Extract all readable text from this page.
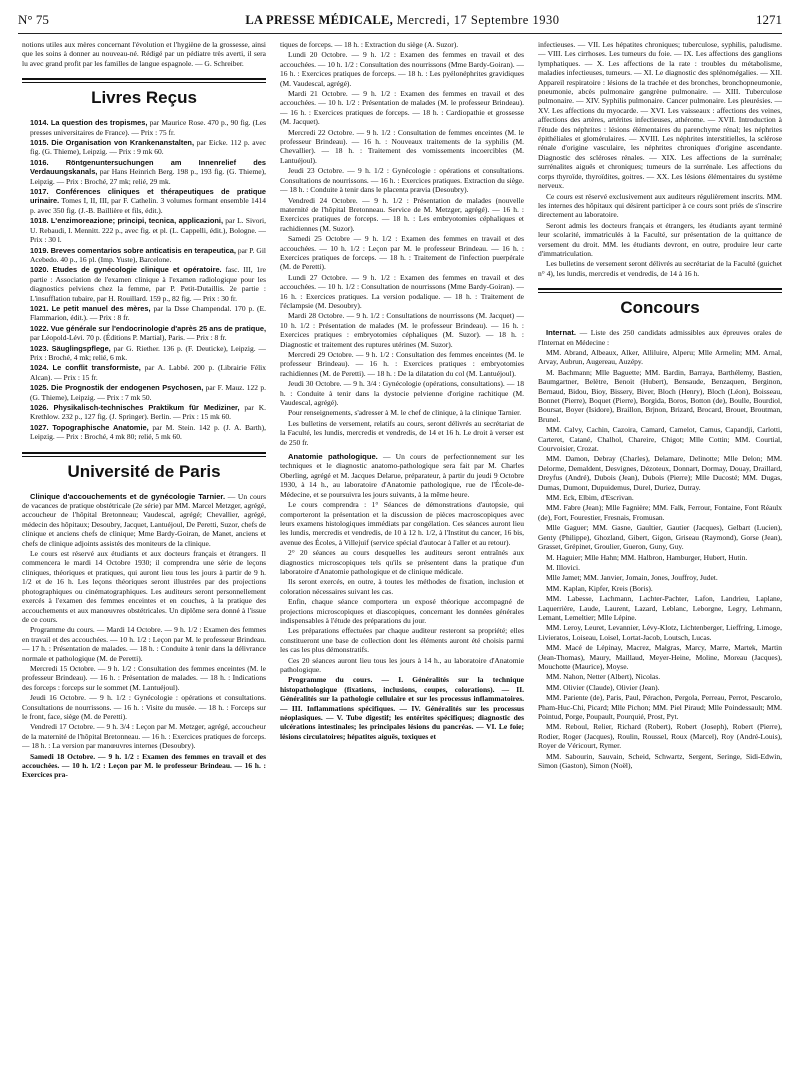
N° 75	LA PRESSE MÉDICALE, Mercredi, 17 Septembre 1930	1271

notions utiles aux mères concernant l'évolution et l'hygiène de la grossesse, ainsi que les soins à donner au nouveau-né. Rédigé par un pédiatre très averti, il sera lu avec grand profit par les familles de langue espagnole. — G. Schreiber.

Livres Reçus

1014. La question des tropismes, par Maurice Rose. 470 p., 90 fig. (Les presses universitaires de France). — Prix : 75 fr.

1015. Die Organisation von Krankenanstalten, par Eicke. 112 p. avec fig. (G. Thieme), Leipzig. — Prix : 9 mk 60.

1016. Röntgenuntersuchungen am Innenrelief des Verdauungskanals, par Hans Heinrich Berg. 198 p., 193 fig. (G. Thieme), Leipzig. — Prix : Broché, 27 mk; relié, 29 mk.

1017. Conférences cliniques et thérapeutiques de pratique urinaire. Tomes I, II, III, par F. Cathelin. 3 volumes formant ensemble 1414 p. avec 350 fig. (J.-B. Baillière et fils, édit.).

1018. L'enzimoreazione; principi, tecnica, applicazioni, par L. Sivori, U. Rebaudi, I. Mennitt. 222 p., avec fig. et pl. (L. Cappelli, édit.), Bologne. — Prix : 30 l.

1019. Breves comentarios sobre anticatisis en terapeutica, par P. Gil Acebedo. 40 p., 16 pl. (Imp. Yuste), Barcelone.

1020. Etudes de gynécologie clinique et opératoire. fasc. III, 1re partie : Association de l'examen clinique à l'examen radiologique pour les diagnostics pelviens chez la femme, par P. Petit-Dutaillis. 2e partie : L'insufflation tubaire, par H. Rouillard. 159 p., 82 fig. — Prix : 30 fr.

1021. Le petit manuel des mères, par la Dsse Champendal. 170 p. (E. Flammarion, édit.). — Prix : 8 fr.

1022. Vue générale sur l'endocrinologie d'après 25 ans de pratique, par Léopold-Lévi. 70 p. (Éditions P. Martial), Paris. — Prix : 8 fr.

1023. Säuglingspflege, par G. Riether. 136 p. (F. Deuticke), Leipzig. — Prix : Broché, 4 mk; relié, 6 mk.

1024. Le conflit transformiste, par A. Labbé. 200 p. (Librairie Félix Alcan). — Prix : 15 fr.

1025. Die Prognostik der endogenen Psychosen, par F. Mauz. 122 p. (G. Thieme), Leipzig. — Prix : 7 mk 50.

1026. Physikalisch-technisches Praktikum für Mediziner, par K. Krethlow. 232 p., 127 fig. (J. Springer). Berlin. — Prix : 15 mk 60.

1027. Topographische Anatomie, par M. Stein. 142 p. (J. A. Barth), Leipzig. — Prix : Broché, 4 mk 80; relié, 5 mk 60.

Université de Paris

Clinique d'accouchements et de gynécologie Tarnier. — Un cours de vacances de pratique obstétricale (2e série) par MM. Marcel Metzger, agrégé, accoucheur de l'hôpital Bretonneau; Vaudescal, agrégé; Chevallier, agrégé, médecin des hôpitaux; Desoubry, Jacquet, Lantuéjoul, De Peretti, Suzor, chefs de clinique et anciens chefs de clinique; Mme Bardy-Goiran, de Manet, anciens et chefs de clinique adjoints assistés des moniteurs de la clinique.

Le cours est réservé aux étudiants et aux docteurs français et étrangers. Il commencera le mardi 14 Octobre 1930; il comprendra une série de leçons cliniques, théoriques et pratiques, qui auront lieu tous les jours à partir de 9 h. 1/2 et de 16 h. Les leçons théoriques seront illustrées par des projections photographiques ou cinématographiques. Les auditeurs seront personnellement exercés à l'examen des femmes enceintes et en couches, à la pratique des accouchements et aux manœuvres obstétricales. Un diplôme sera donné à l'issue de ce cours.

Programme du cours. — Mardi 14 Octobre. — 9 h. 1/2 : Examen des femmes en travail et des accouchées. — 10 h. 1/2 : Leçon par M. le professeur Brindeau. — 17 h. : Présentation de malades. — 18 h. : Conduite à tenir dans la délivrance normale et pathologique (M. de Peretti).

Mercredi 15 Octobre. — 9 h. 1/2 : Consultation des femmes enceintes (M. le professeur Brindeau). — 16 h. : Présentation de malades. — 18 h. : Indications des forceps : forceps sur le sommet (M. Lantuéjoul).

Jeudi 16 Octobre. — 9 h. 1/2 : Gynécologie : opérations et consultations. Consultations de nourrissons. — 16 h. : Visite du musée. — 18 h. : Forceps sur le front, face, siège (M. de Peretti).

Vendredi 17 Octobre. — 9 h. 3/4 : Leçon par M. Metzger, agrégé, accoucheur de la maternité de l'hôpital Bretonneau. — 16 h. : Exercices pratiques de forceps. — 18 h. : La version par manœuvres internes (Desoubry).

Samedi 18 Octobre. — 9 h. 1/2 : Examen des femmes en travail et des accouchées. — 10 h. 1/2 : Leçon par M. le professeur Brindeau. — 16 h. : Exercices pra-

tiques de forceps. — 18 h. : Extraction du siège (A. Suzor).

Lundi 20 Octobre. — 9 h. 1/2 : Examen des femmes en travail et des accouchées. — 10 h. 1/2 : Consultation des nourrissons (Mme Bardy-Goiran). — 16 h. : Exercices pratiques de forceps. — 18 h. : Les pyélonéphrites gravidiques (M. Vaudescal, agrégé).

Mardi 21 Octobre. — 9 h. 1/2 : Examen des femmes en travail et des accouchées. — 10 h. 1/2 : Présentation de malades (M. le professeur Brindeau). — 16 h. : Exercices pratiques de forceps. — 18 h. : Cardiopathie et grossesse (M. Jacquet).

Mercredi 22 Octobre. — 9 h. 1/2 : Consultation de femmes enceintes (M. le professeur Brindeau). — 16 h. : Nouveaux traitements de la syphilis (M. Chevallier). — 18 h. : Traitement des vomissements incoercibles (M. Lantuéjoul).

Jeudi 23 Octobre. — 9 h. 1/2 : Gynécologie : opérations et consultations. Consultations de nourrissons. — 16 h. : Exercices pratiques. Extraction du siège. — 18 h. : Conduite à tenir dans le placenta prævia (Desoubry).

Vendredi 24 Octobre. — 9 h. 1/2 : Présentation de malades (nouvelle maternité de l'hôpital Bretonneau. Service de M. Metzger, agrégé). — 16 h. : Exercices pratiques de forceps. — 18 h. : Les embryotomies céphaliques et rachidiennes (M. Suzor).

Samedi 25 Octobre — 9 h. 1/2 : Examen des femmes en travail et des accouchées. — 10 h. 1/2 : Leçon par M. le professeur Brindeau. — 16 h. : Exercices pratiques de forceps. — 18 h. : Traitement de l'infection puerpérale (M. de Peretti).

Lundi 27 Octobre. — 9 h. 1/2 : Examen des femmes en travail et des accouchées. — 10 h. 1/2 : Consultation de nourrissons (Mme Bardy-Goiran). — 16 h. : Exercices pratiques. La version podalique. — 18 h. : Traitement de l'éclampsie (M. Desoubry).

Mardi 28 Octobre. — 9 h. 1/2 : Consultations de nourrissons (M. Jacquet) — 10 h. 1/2 : Présentation de malades (M. le professeur Brindeau). — 16 h. : Exercices pratiques : embryotomies céphaliques (M. Suzor). — 18 h. : Diagnostic et traitement des ruptures utérines (M. Suzor).

Mercredi 29 Octobre. — 9 h. 1/2 : Consultation des femmes enceintes (M. le professeur Brindeau). — 16 h. : Exercices pratiques : embryotomies rachidiennes (M. de Peretti). — 18 h. : De la dilatation du col (M. Lantuéjoul).

Jeudi 30 Octobre. — 9 h. 3/4 : Gynécologie (opérations, consultations). — 18 h. : Conduite à tenir dans la dystocie pelvienne d'origine rachitique (M. Vaudescal, agrégé).

Pour renseignements, s'adresser à M. le chef de clinique, à la clinique Tarnier.

Les bulletins de versement, relatifs au cours, seront délivrés au secrétariat de la Faculté, les lundis, mercredis et vendredis, de 14 et 16 h. Le droit à verser est de 250 fr.

Anatomie pathologique. — Un cours de perfectionnement sur les techniques et le diagnostic anatomo-pathologique sera fait par M. Charles Oberling, agrégé et M. Jacques Delarue, préparateur, à partir du jeudi 9 Octobre 1930, à 14 h., au laboratoire d'Anatomie pathologique, rue de l'École-de-Médecine, et se poursuivra les jours suivants, à la même heure.

Le cours comprendra : 1° Séances de démonstrations d'autopsie, qui comporteront la présentation et la discussion de pièces macroscopiques avec leurs examens histologiques immédiats par congélation. Ces séances auront lieu les lundis, mercredis et vendredis, de 10 à 12 h. 1/2, à l'Institut du cancer, 16 bis, avenue des Écoles, à Villejuif (service spécial d'autocar à l'aller et au retour).

2° 20 séances au cours desquelles les auditeurs seront entraînés aux diagnostics microscopiques tels qu'ils se présentent dans la pratique d'un laboratoire d'Anatomie pathologique et de clinique médicale.

Ils seront exercés, en outre, à toutes les méthodes de fixation, inclusion et coloration nécessaires suivant les cas.

Enfin, chaque séance comportera un exposé théorique accompagné de projections microscopiques et diascopiques, concernant les données générales indispensables à l'étude des préparations du jour.

Les préparations effectuées par chaque auditeur resteront sa propriété; elles constitueront une base de collection dont les éléments auront été choisis parmi les cas les plus démonstratifs.

Ces 20 séances auront lieu tous les jours à 14 h., au laboratoire d'Anatomie pathologique.

Programme du cours. — I. Généralités sur la technique histopathologique (fixations, inclusions, coupes, colorations). — II. Généralités sur la pathologie cellulaire et sur les processus inflammatoires. — III. Inflammations spécifiques. — IV. Généralités sur les processus néoplasiques. — V. Tube digestif; les entérites spécifiques; diagnostic des ulcérations intestinales; les principales lésions du pancréas. — VI. Le foie; lésions circulatoires; hépatites aiguës, toxiques et

infectieuses. — VII. Les hépatites chroniques; tuberculose, syphilis, paludisme. — VIII. Les cirrhoses. Les tumeurs du foie. — IX. Les affections des ganglions lymphatiques. — X. Les affections de la rate : troubles du métabolisme, maladies infectieuses, tumeurs. — XI. Le diagnostic des splénomégalies. — XII. Appareil respiratoire : lésions de la trachée et des bronches, bronchopneumonie, pneumonie, abcès pulmonaire gangrène pulmonaire. — XIII. Tuberculose pulmonaire. — XIV. Syphilis pulmonaire. Cancer pulmonaire. Les pleurésies. — XV. Les affections du myocarde. — XVI. Les vaisseaux : affections des veines, affections des artères, artérites infectieuses, athérome. — XVII. Introduction à l'étude des néphrites : lésions élémentaires du parenchyme rénal; les néphrites épithéliales et glomérulaires. — XVIII. Les néphrites interstitielles, la sclérose rénale d'origine vasculaire, les néphrites chroniques d'origine ascendante. Diagnostic des scléroses rénales. — XIX. Les affections de la surrénale; surrénalites aiguës et chroniques; tumeurs de la surrénale. Les affections du corps thyroïde, thyroïdites, goitres. — XX. Les lésions élémentaires du système nerveux.

Ce cours est réservé exclusivement aux auditeurs régulièrement inscrits. MM. les internes des hôpitaux qui désirent participer à ce cours sont priés de s'inscrire directement au laboratoire.

Seront admis les docteurs français et étrangers, les étudiants ayant terminé leur scolarité, immatriculés à la Faculté, sur présentation de la quittance de versement du droit. MM. les étudiants devront, en outre, produire leur carte d'immatriculation.

Les bulletins de versement seront délivrés au secrétariat de la Faculté (guichet n° 4), les lundis, mercredis et vendredis, de 14 à 16 h.

Concours

Internat. — Liste des 250 candidats admissibles aux épreuves orales de l'Internat en Médecine :

MM. Abrand, Albeaux, Alker, Alliluire, Alperu; Mlle Armelin; MM. Arnal, Arvay, Aubrun, Augereau, Auzépy.

M. Bachmann; Mlle Baguette; MM. Bardin, Barraya, Barthélemy, Bastien, Baumgartner, Belètre, Benoit (Hubert), Bensaude, Benzaquen, Berginon, Bernaud, Bidou, Bioy, Bissery, Biver, Bloch (Henry), Bloch (Léon), Boisseau, Bonnet (Pierre), Boquet (Pierre), Borgida, Boros, Botton (de), Boulle, Bourdiol, Boursat, Boyer (Isidore), Braillon, Brjnon, Brizard, Brocard, Brouet, Broutman, Brunel.

MM. Calvy, Cachin, Cazoira, Camard, Camelot, Camus, Capandji, Carlotti, Carteret, Catané, Chalhol, Chareire, Chigot; Mlle Cottin; MM. Courtial, Courvoisier, Crozat.

MM. Damon, Debray (Charles), Delamare, Delinotte; Mlle Delon; MM. Delorme, Demaldent, Desvignes, Dézoteux, Donnart, Dormay, Douay, Draillard, Dreyfus (André), Dubois (Jean), Dubois (Pierre); Mlle Ducosté; MM. Dugas, Dumas, Dumont, Dupuidemus, Durel, Duriez, Dutray.

MM. Eck, Elbim, d'Escrivan.

MM. Fabre (Jean); Mlle Fagnière; MM. Falk, Ferrour, Fontaine, Font Réaulx (de), Fort, Fourestier, Fresnais, Fromusan.

Mlle Gaguer; MM. Gasne, Gaultier, Gautier (Jacques), Gelbart (Lucien), Genty (Philippe), Ghozland, Gibert, Gigon, Griseau (Raymond), Gorse (Jean), Grasset, Grépinet, Groulier, Gueron, Guny, Guy.

M. Haguier; Mlle Hahn; MM. Halbron, Hamburger, Hubert, Hutin.

M. Illovici.

Mlle Jamet; MM. Janvier, Jomain, Jones, Jouffroy, Judet.

MM. Kaplan, Kipfer, Kreis (Boris).

MM. Labesse, Lachmann, Lachter-Pachter, Lafon, Landrieu, Laplane, Laquerrière, Laude, Laurent, Lazard, Leblanc, Leborgne, Legry, Lehmann, Lemant, Lemeltier; Mlle Lépine.

MM. Leroy, Leuret, Levannier, Lévy-Klotz, Lichtenberger, Lieffring, Limoge, Livieratos, Loiseau, Loisel, Lortat-Jacob, Loutsch, Lucas.

MM. Macé de Lépinay, Macrez, Malgras, Marcy, Marre, Martek, Martin (Jean-Thomas), Maury, Maillaud, Meyer-Heine, Moline, Moreau (Jacques), Mouchotte (Maurice), Moyse.

MM. Nahon, Netter (Albert), Nicolas.

MM. Olivier (Claude), Olivier (Jean).

MM. Pariente (de), Paris, Paul, Pérachon, Pergola, Perreau, Perrot, Pescarolo, Pham-Huc-Chi, Picard; Mlle Pichon; MM. Piel Piraud; Mlle Poindessault; MM. Pointud, Porge, Poupault, Pourquié, Prost, Pyt.

MM. Reboul, Relier, Richard (Robert), Robert (Joseph), Robert (Pierre), Rodier, Roger (Jacques), Roulin, Roussel, Roux (Marcel), Roy (André-Louis), Royer de Véricourt, Rymer.

MM. Sabourin, Sauvain, Scheid, Schwartz, Sergent, Seringe, Sidi-Edwin, Simon (Gaston), Simon (Noël),
